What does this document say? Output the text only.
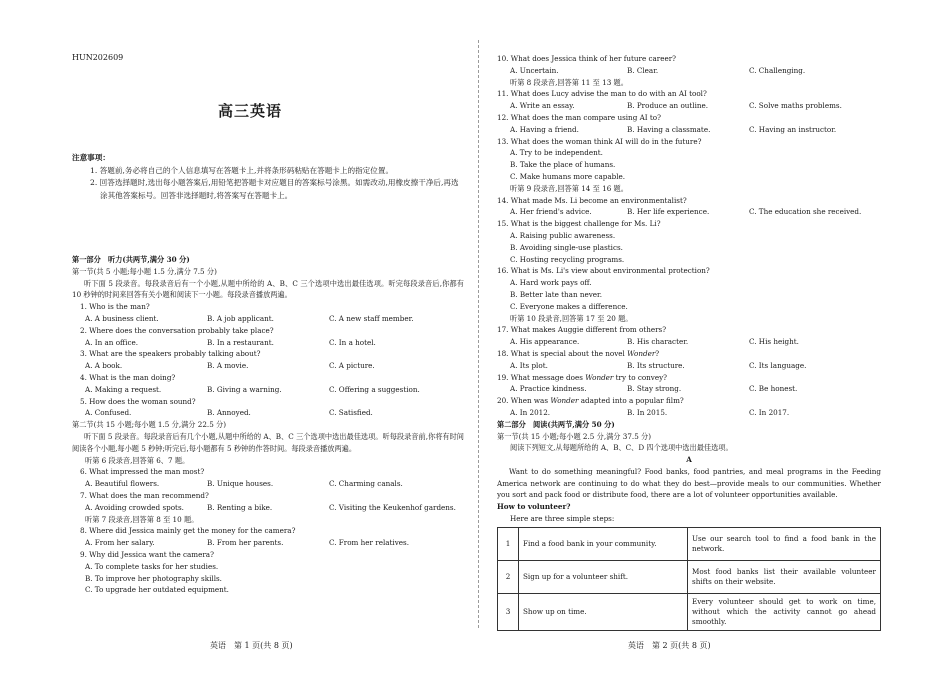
HUN202609
高三英语
注意事项：
1. 答题前,务必将自己的个人信息填写在答题卡上,并将条形码粘贴在答题卡上的指定位置。
2. 回答选择题时,选出每小题答案后,用铅笔把答题卡对应题目的答案标号涂黑。如需改动,用橡皮擦干净后,再选涂其他答案标号。回答非选择题时,将答案写在答题卡上。
第一部分　听力(共两节,满分 30 分)
第一节(共 5 小题;每小题 1.5 分,满分 7.5 分)
听下面 5 段录音。每段录音后有一个小题,从题中所给的 A、B、C 三个选项中选出最佳选项。听完每段录音后,你都有 10 秒钟的时间来回答有关小题和阅读下一小题。每段录音播放两遍。
1. Who is the man?
A. A business client.	B. A job applicant.	C. A new staff member.
2. Where does the conversation probably take place?
A. In an office.	B. In a restaurant.	C. In a hotel.
3. What are the speakers probably talking about?
A. A book.	B. A movie.	C. A picture.
4. What is the man doing?
A. Making a request.	B. Giving a warning.	C. Offering a suggestion.
5. How does the woman sound?
A. Confused.	B. Annoyed.	C. Satisfied.
第二节(共 15 小题;每小题 1.5 分,满分 22.5 分)
听下面 5 段录音。每段录音后有几个小题,从题中所给的 A、B、C 三个选项中选出最佳选项。听每段录音前,你将有时间阅读各个小题,每小题 5 秒钟;听完后,每小题都有 5 秒钟的作答时间。每段录音播放两遍。
听第 6 段录音,回答第 6、7 题。
6. What impressed the man most?
A. Beautiful flowers.	B. Unique houses.	C. Charming canals.
7. What does the man recommend?
A. Avoiding crowded spots.	B. Renting a bike.	C. Visiting the Keukenhof gardens.
听第 7 段录音,回答第 8 至 10 题。
8. Where did Jessica mainly get the money for the camera?
A. From her salary.	B. From her parents.	C. From her relatives.
9. Why did Jessica want the camera?
A. To complete tasks for her studies.
B. To improve her photography skills.
C. To upgrade her outdated equipment.
英语　第 1 页(共 8 页)
10. What does Jessica think of her future career?
A. Uncertain.	B. Clear.	C. Challenging.
听第 8 段录音,回答第 11 至 13 题。
11. What does Lucy advise the man to do with an AI tool?
A. Write an essay.	B. Produce an outline.	C. Solve maths problems.
12. What does the man compare using AI to?
A. Having a friend.	B. Having a classmate.	C. Having an instructor.
13. What does the woman think AI will do in the future?
A. Try to be independent.
B. Take the place of humans.
C. Make humans more capable.
听第 9 段录音,回答第 14 至 16 题。
14. What made Ms. Li become an environmentalist?
A. Her friend's advice.	B. Her life experience.	C. The education she received.
15. What is the biggest challenge for Ms. Li?
A. Raising public awareness.
B. Avoiding single-use plastics.
C. Hosting recycling programs.
16. What is Ms. Li's view about environmental protection?
A. Hard work pays off.
B. Better late than never.
C. Everyone makes a difference.
听第 10 段录音,回答第 17 至 20 题。
17. What makes Auggie different from others?
A. His appearance.	B. His character.	C. His height.
18. What is special about the novel Wonder?
A. Its plot.	B. Its structure.	C. Its language.
19. What message does Wonder try to convey?
A. Practice kindness.	B. Stay strong.	C. Be honest.
20. When was Wonder adapted into a popular film?
A. In 2012.	B. In 2015.	C. In 2017.
第二部分　阅读(共两节,满分 50 分)
第一节(共 15 小题;每小题 2.5 分,满分 37.5 分)
阅读下列短文,从每题所给的 A、B、C、D 四个选项中选出最佳选项。
A
Want to do something meaningful? Food banks, food pantries, and meal programs in the Feeding America network are continuing to do what they do best—provide meals to our communities. Whether you sort and pack food or distribute food, there are a lot of volunteer opportunities available.
How to volunteer?
Here are three simple steps:
1	Find a food bank in your community.	Use our search tool to find a food bank in the network.
2	Sign up for a volunteer shift.	Most food banks list their available volunteer shifts on their website.
3	Show up on time.	Every volunteer should get to work on time, without which the activity cannot go ahead smoothly.
英语　第 2 页(共 8 页)
